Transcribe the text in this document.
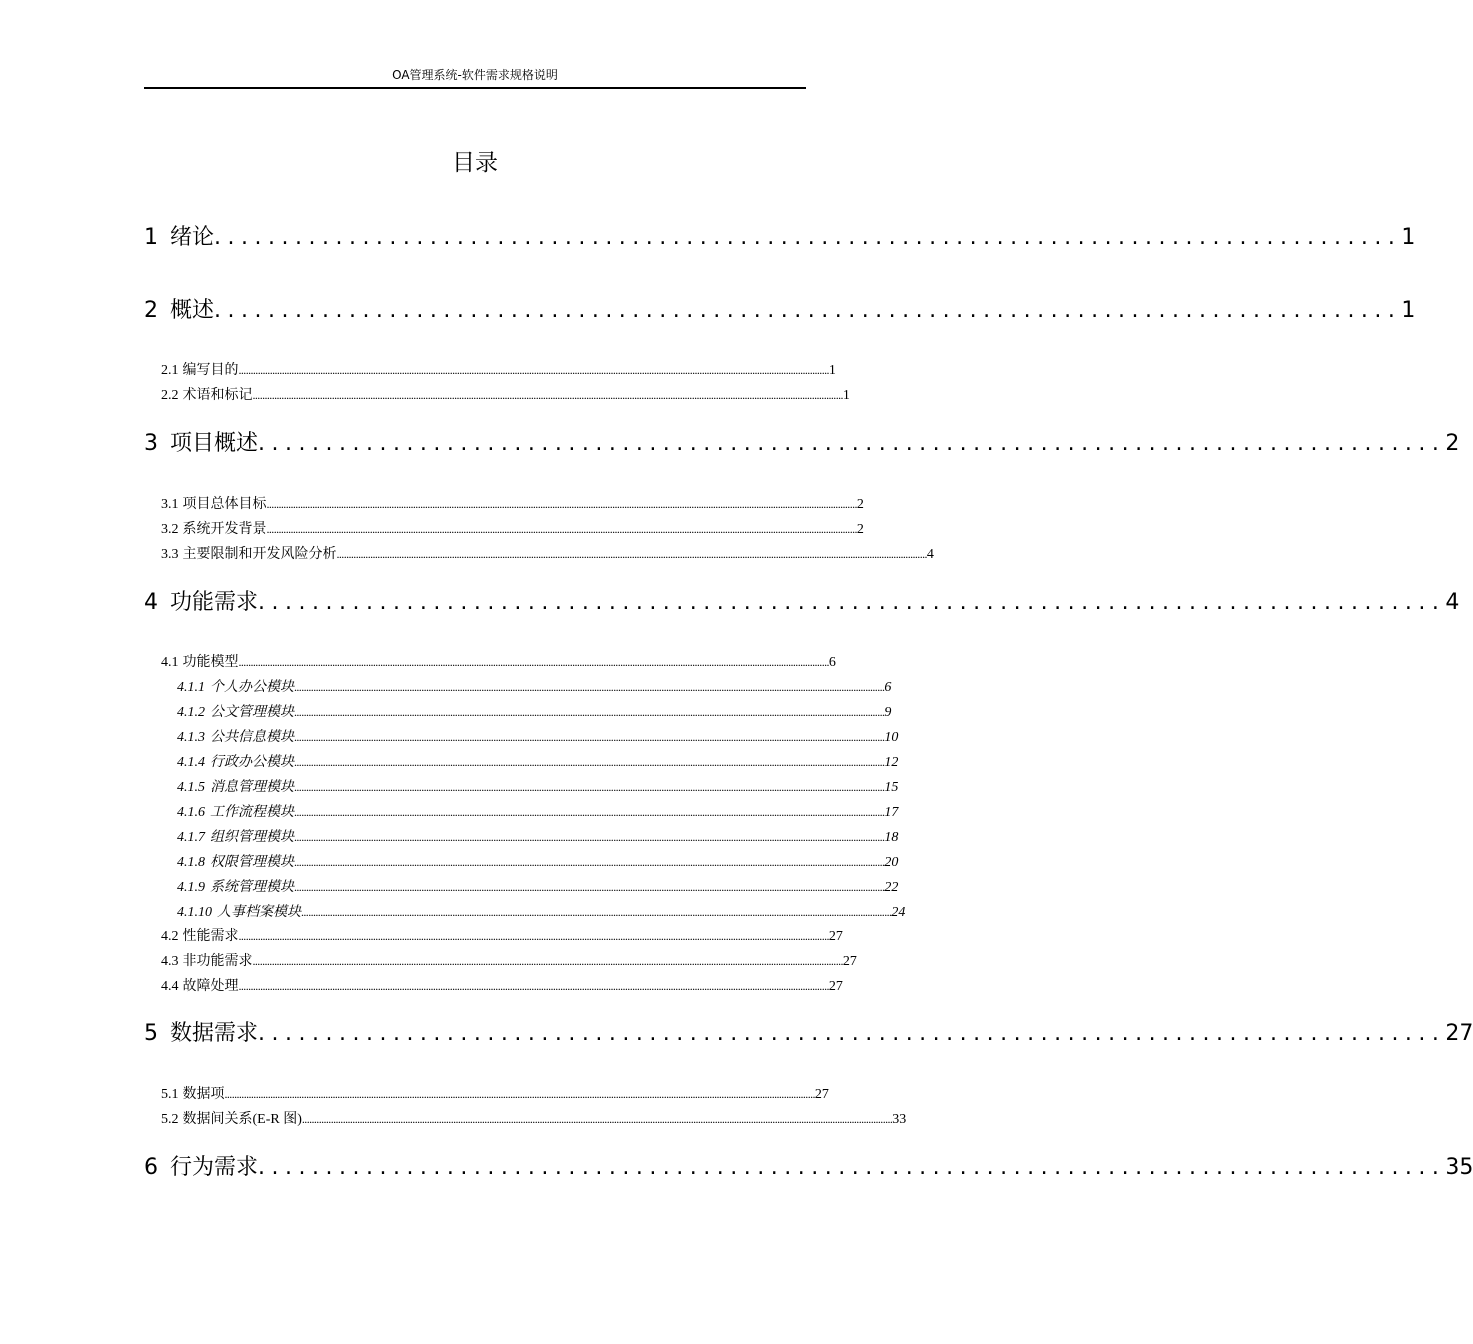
OA管理系统-软件需求规格说明
目录
1 绪论 ........................................................................................ 1
2 概述 ........................................................................................ 1
2.1 编写目的 ...................................................................................................................................................................................................................................................... 1
2.2 术语和标记 ...................................................................................................................................................................................................................................................... 1
3 项目概述 ........................................................................................ 2
3.1 项目总体目标 ...................................................................................................................................................................................................................................................... 2
3.2 系统开发背景 ...................................................................................................................................................................................................................................................... 2
3.3 主要限制和开发风险分析 ...................................................................................................................................................................................................................................................... 4
4 功能需求 ........................................................................................ 4
4.1 功能模型 ...................................................................................................................................................................................................................................................... 6
4.1.1 个人办公模块 ...................................................................................................................................................................................................................................................... 6
4.1.2 公文管理模块 ...................................................................................................................................................................................................................................................... 9
4.1.3 公共信息模块 ...................................................................................................................................................................................................................................................... 10
4.1.4 行政办公模块 ...................................................................................................................................................................................................................................................... 12
4.1.5 消息管理模块 ...................................................................................................................................................................................................................................................... 15
4.1.6 工作流程模块 ...................................................................................................................................................................................................................................................... 17
4.1.7 组织管理模块 ...................................................................................................................................................................................................................................................... 18
4.1.8 权限管理模块 ...................................................................................................................................................................................................................................................... 20
4.1.9 系统管理模块 ...................................................................................................................................................................................................................................................... 22
4.1.10 人事档案模块 ...................................................................................................................................................................................................................................................... 24
4.2 性能需求 ...................................................................................................................................................................................................................................................... 27
4.3 非功能需求 ...................................................................................................................................................................................................................................................... 27
4.4 故障处理 ...................................................................................................................................................................................................................................................... 27
5 数据需求 ........................................................................................ 27
5.1 数据项 ...................................................................................................................................................................................................................................................... 27
5.2 数据间关系(E-R 图) ...................................................................................................................................................................................................................................................... 33
6 行为需求 ........................................................................................ 35
